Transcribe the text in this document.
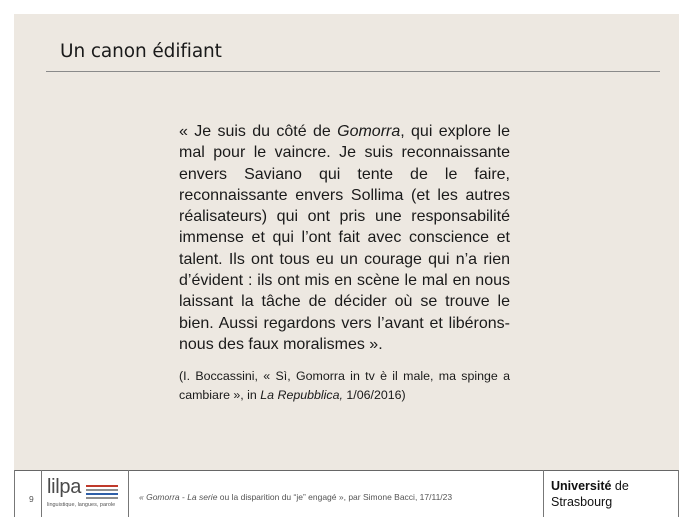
Un canon édifiant

« Je suis du côté de Gomorra, qui explore le mal pour le vaincre. Je suis reconnaissante envers Saviano qui tente de le faire, reconnaissante envers Sollima (et les autres réalisateurs) qui ont pris une responsabilité immense et qui l’ont fait avec conscience et talent. Ils ont tous eu un courage qui n’a rien d’évident : ils ont mis en scène le mal en nous laissant la tâche de décider où se trouve le bien. Aussi regardons vers l’avant et libérons-nous des faux moralismes ».

(I. Boccassini, « Sì, Gomorra in tv è il male, ma spinge a cambiare », in La Repubblica, 1/06/2016)

9
lilpa
linguistique, langues, parole
« Gomorra - La serie ou la disparition du “je” engagé », par Simone Bacci, 17/11/23
Université de
Strasbourg
